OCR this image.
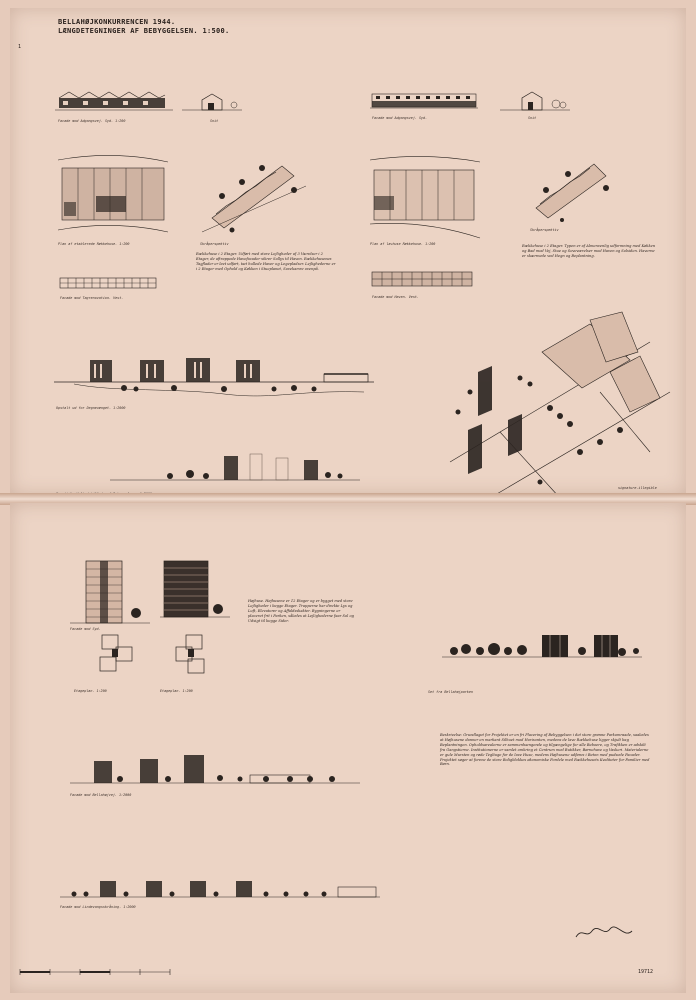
1
BELLAHØJKONKURRENCEN 1944.
LÆNGDETEGNINGER AF BEBYGGELSEN. 1:500.
Facade mod Adgangsvej. Syd. 1:200	Snit
Facade mod Adgangsvej. Syd.	Snit
Plan af etablerede Rækkehuse. 1:200	Skråperspektiv	Plan af lavhuse Rækkehuse. 1:200
Skråperspektiv
Facade mod Tagrenovation. Vest.	Facade mod Haven. Vest.
Rækkehuse i 2 Etager. Udført med store Lejligheder af 3 Værelser i 2 Etager, de aftrappede Havefacader sikrer Sollys til Haven. Rækkehusenes Tagflader er lavt udført, tæt hullede Haver og Legepladser. Lejlighederne er i 2 Etager med Ophold og Køkken i Stueplanet, Sovekamre ovenpå.
Rækkehuse i 2 Etager. Typen er af Almenvenlig udformning med Køkken og Bad mod Vej, Stue og Soveværelser mod Haven og Solsiden. Haverne er skærmede ved Hegn og Beplantning.
Opstalt ud for Degnevænget. 1:2000
signature-illegible
Facade mod Syd.
Etageplan. 1:200	Etageplan. 1:200
Højhuse. Højhusene er 12 Etager og er bygget med store Lejligheder i begge Etager. Trapperne har direkte Lys og Luft, Elevatorer og Affaldsskakter. Bygningerne er placeret frit i Parken, således at Lejlighederne faar Sol og Udsigt til begge Sider.
Set fra Bellahøjparken
Facade mod Bellahøjvej. 1:2000
Facade mod Lindevangsskråning. 1:2000
Beskrivelse: Grundlaget for Projektet er en fri Placering af Bebyggelsen i det store grønne Parkomraade, saaledes at Højhusene danner en markant Silhuet mod Horisonten, medens de lave Rækkehuse ligger skjult bag Beplantningen. Opholdsarealerne er sammenhængende og tilgængelige for alle Beboere, og Trafikken er adskilt fra Gangstierne. Institutionerne er samlet omkring et Centrum med Butikker, Børnehave og Vaskeri. Materialerne er gule Mursten og røde Tegltage for de lave Huse, medens Højhusene udføres i Beton med pudsede Facader. Projektet søger at forene de store Boligblokkes økonomiske Fordele med Rækkehusets Kvaliteter for Familier med Børn.
19712
